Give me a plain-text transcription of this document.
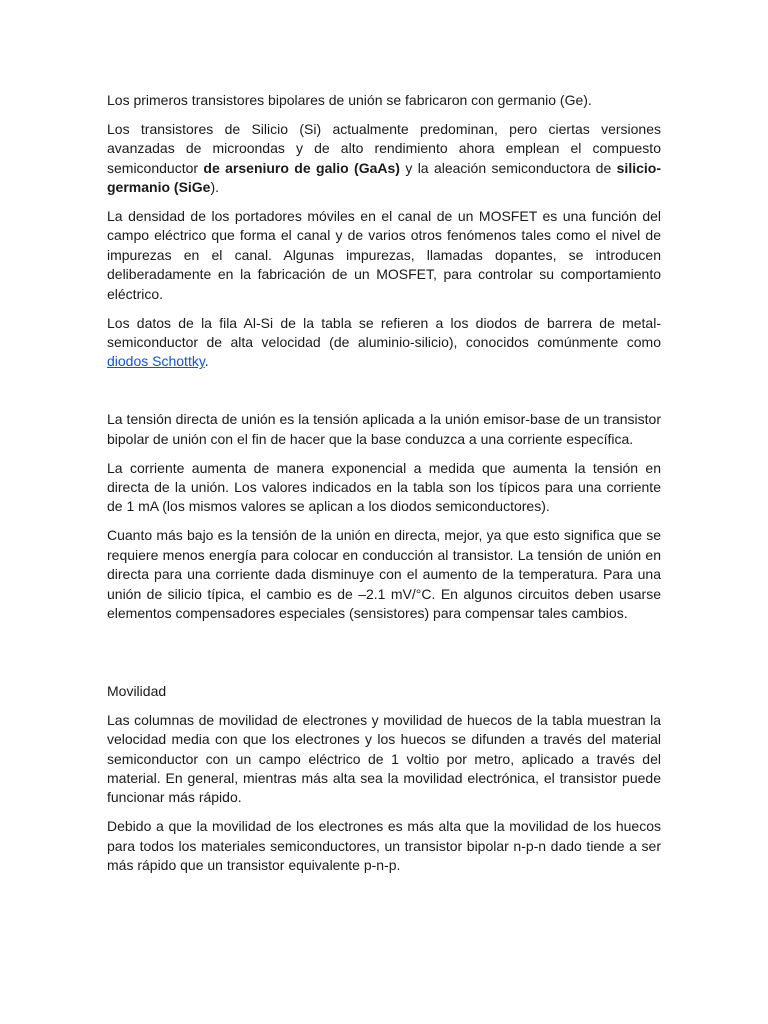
Los primeros transistores bipolares de unión se fabricaron con germanio (Ge).

Los transistores de Silicio (Si) actualmente predominan, pero ciertas versiones avanzadas de microondas y de alto rendimiento ahora emplean el compuesto semiconductor de arseniuro de galio (GaAs) y la aleación semiconductora de silicio-germanio (SiGe).

La densidad de los portadores móviles en el canal de un MOSFET es una función del campo eléctrico que forma el canal y de varios otros fenómenos tales como el nivel de impurezas en el canal. Algunas impurezas, llamadas dopantes, se introducen deliberadamente en la fabricación de un MOSFET, para controlar su comportamiento eléctrico.

Los datos de la fila Al-Si de la tabla se refieren a los diodos de barrera de metal-semiconductor de alta velocidad (de aluminio-silicio), conocidos comúnmente como diodos Schottky.

La tensión directa de unión es la tensión aplicada a la unión emisor-base de un transistor bipolar de unión con el fin de hacer que la base conduzca a una corriente específica.

La corriente aumenta de manera exponencial a medida que aumenta la tensión en directa de la unión. Los valores indicados en la tabla son los típicos para una corriente de 1 mA (los mismos valores se aplican a los diodos semiconductores).

Cuanto más bajo es la tensión de la unión en directa, mejor, ya que esto significa que se requiere menos energía para colocar en conducción al transistor. La tensión de unión en directa para una corriente dada disminuye con el aumento de la temperatura. Para una unión de silicio típica, el cambio es de –2.1 mV/°C. En algunos circuitos deben usarse elementos compensadores especiales (sensistores) para compensar tales cambios.

Movilidad

Las columnas de movilidad de electrones y movilidad de huecos de la tabla muestran la velocidad media con que los electrones y los huecos se difunden a través del material semiconductor con un campo eléctrico de 1 voltio por metro, aplicado a través del material. En general, mientras más alta sea la movilidad electrónica, el transistor puede funcionar más rápido.

Debido a que la movilidad de los electrones es más alta que la movilidad de los huecos para todos los materiales semiconductores, un transistor bipolar n-p-n dado tiende a ser más rápido que un transistor equivalente p-n-p.
